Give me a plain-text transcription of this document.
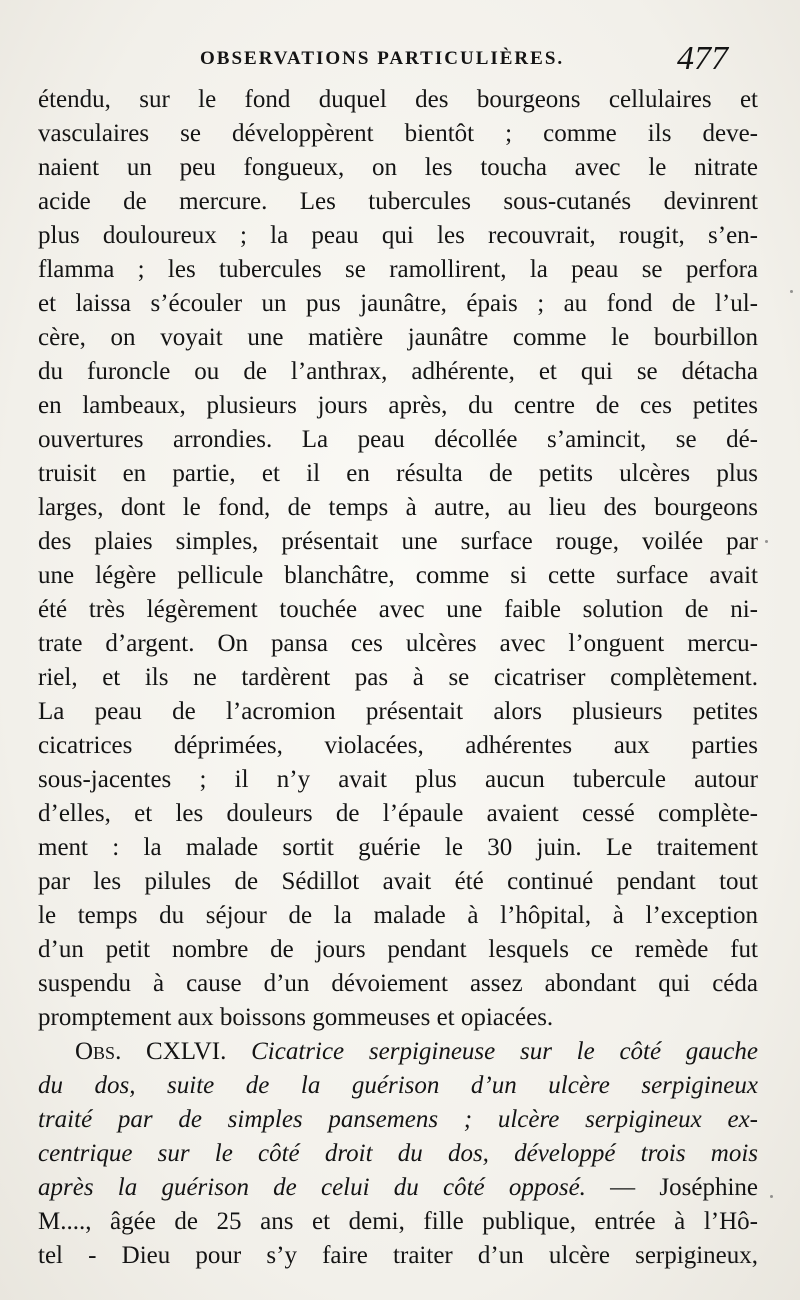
OBSERVATIONS PARTICULIÈRES.	477
étendu, sur le fond duquel des bourgeons cellulaires et
vasculaires se développèrent bientôt ; comme ils deve-
naient un peu fongueux, on les toucha avec le nitrate
acide de mercure. Les tubercules sous-cutanés devinrent
plus douloureux ; la peau qui les recouvrait, rougit, s’en-
flamma ; les tubercules se ramollirent, la peau se perfora
et laissa s’écouler un pus jaunâtre, épais ; au fond de l’ul-
cère, on voyait une matière jaunâtre comme le bourbillon
du furoncle ou de l’anthrax, adhérente, et qui se détacha
en lambeaux, plusieurs jours après, du centre de ces petites
ouvertures arrondies. La peau décollée s’amincit, se dé-
truisit en partie, et il en résulta de petits ulcères plus
larges, dont le fond, de temps à autre, au lieu des bourgeons
des plaies simples, présentait une surface rouge, voilée par
une légère pellicule blanchâtre, comme si cette surface avait
été très légèrement touchée avec une faible solution de ni-
trate d’argent. On pansa ces ulcères avec l’onguent mercu-
riel, et ils ne tardèrent pas à se cicatriser complètement.
La peau de l’acromion présentait alors plusieurs petites
cicatrices déprimées, violacées, adhérentes aux parties
sous-jacentes ; il n’y avait plus aucun tubercule autour
d’elles, et les douleurs de l’épaule avaient cessé complète-
ment : la malade sortit guérie le 30 juin. Le traitement
par les pilules de Sédillot avait été continué pendant tout
le temps du séjour de la malade à l’hôpital, à l’exception
d’un petit nombre de jours pendant lesquels ce remède fut
suspendu à cause d’un dévoiement assez abondant qui céda
promptement aux boissons gommeuses et opiacées.
Obs. CXLVI. Cicatrice serpigineuse sur le côté gauche
du dos, suite de la guérison d’un ulcère serpigineux
traité par de simples pansemens ; ulcère serpigineux ex-
centrique sur le côté droit du dos, développé trois mois
après la guérison de celui du côté opposé. — Joséphine
M...., âgée de 25 ans et demi, fille publique, entrée à l’Hô-
tel - Dieu pour s’y faire traiter d’un ulcère serpigineux,
